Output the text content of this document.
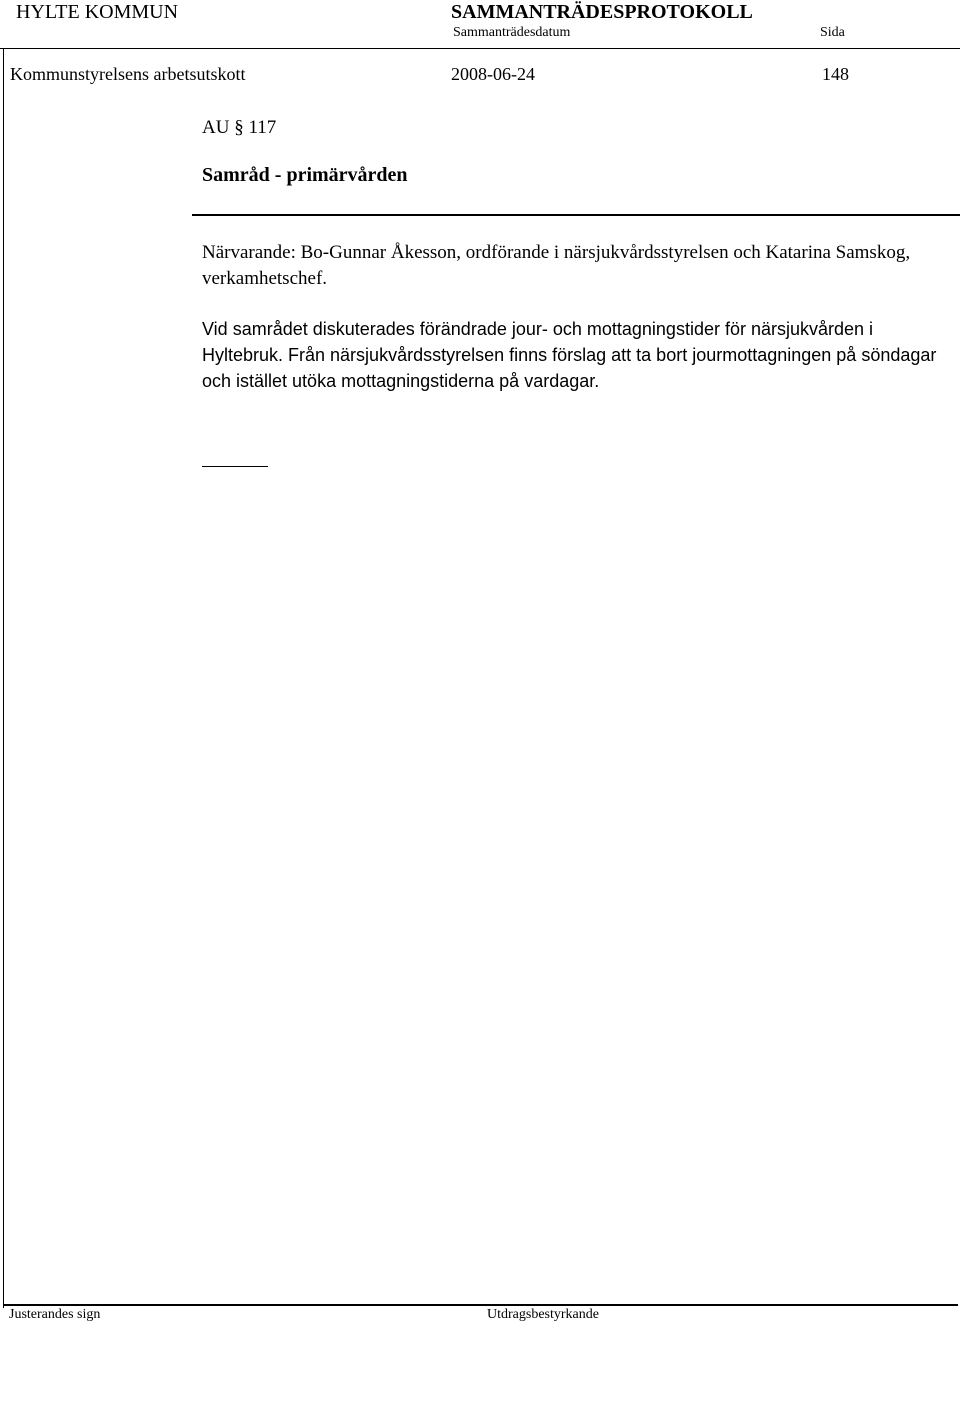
HYLTE KOMMUN	SAMMANTRÄDESPROTOKOLL
Sammanträdesdatum	Sida
Kommunstyrelsens arbetsutskott	2008-06-24	148
AU § 117
Samråd - primärvården

Närvarande: Bo-Gunnar Åkesson, ordförande i närsjukvårdsstyrelsen och Katarina Samskog, verkamhetschef.

Vid samrådet diskuterades förändrade jour- och mottagningstider för närsjukvården i Hyltebruk. Från närsjukvårdsstyrelsen finns förslag att ta bort jourmottagningen på söndagar och istället utöka mottagningstiderna på vardagar.

Justerandes sign	Utdragsbestyrkande
